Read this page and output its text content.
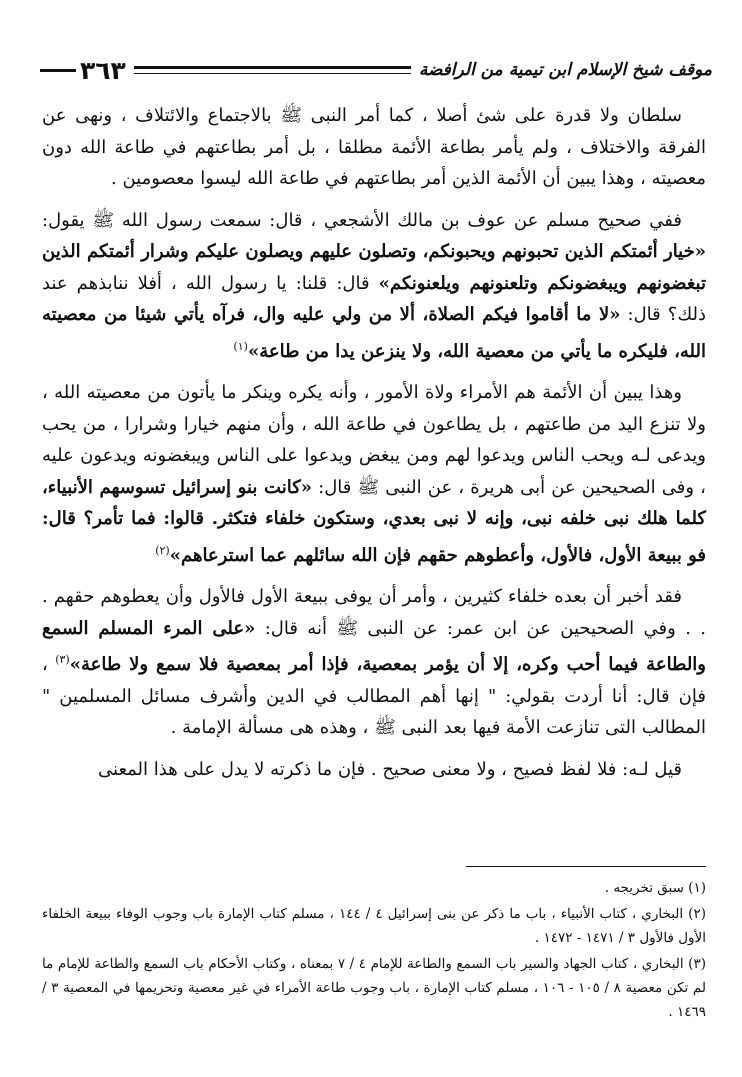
٣٦٣	موقف شيخ الإسلام ابن تيمية من الرافضة

سلطان ولا قدرة على شئ أصلا ، كما أمر النبى ﷺ بالاجتماع والائتلاف ، ونهى عن الفرقة والاختلاف ، ولم يأمر بطاعة الأئمة مطلقا ، بل أمر بطاعتهم في طاعة الله دون معصيته ، وهذا يبين أن الأئمة الذين أمر بطاعتهم في طاعة الله ليسوا معصومين .

ففي صحيح مسلم عن عوف بن مالك الأشجعي ، قال: سمعت رسول الله ﷺ يقول: «خيار أئمتكم الذين تحبونهم ويحبونكم، وتصلون عليهم ويصلون عليكم وشرار أئمتكم الذين تبغضونهم ويبغضونكم وتلعنونهم ويلعنونكم» قال: قلنا: يا رسول الله ، أفلا ننابذهم عند ذلك؟ قال: «لا ما أقاموا فيكم الصلاة، ألا من ولي عليه وال، فرآه يأتي شيئا من معصيته الله، فليكره ما يأتي من معصية الله، ولا ينزعن يدا من طاعة»$^{(١)}$

وهذا يبين أن الأئمة هم الأمراء ولاة الأمور ، وأنه يكره وينكر ما يأتون من معصيته الله ، ولا تنزع اليد من طاعتهم ، بل يطاعون في طاعة الله ، وأن منهم خيارا وشرارا ، من يحب ويدعى لـه ويحب الناس ويدعوا لهم ومن يبغض ويدعوا على الناس ويبغضونه ويدعون عليه ، وفى الصحيحين عن أبى هريرة ، عن النبى ﷺ قال: «كانت بنو إسرائيل تسوسهم الأنبياء، كلما هلك نبى خلفه نبى، وإنه لا نبى بعدي، وستكون خلفاء فتكثر. قالوا: فما تأمر؟ قال: فو ببيعة الأول، فالأول، وأعطوهم حقهم فإن الله سائلهم عما استرعاهم»$^{(٢)}$

فقد أخبر أن بعده خلفاء كثيرين ، وأمر أن يوفى ببيعة الأول فالأول وأن يعطوهم حقهم . . . وفي الصحيحين عن ابن عمر: عن النبى ﷺ أنه قال: «على المرء المسلم السمع والطاعة فيما أحب وكره، إلا أن يؤمر بمعصية، فإذا أمر بمعصية فلا سمع ولا طاعة»$^{(٣)}$ ، فإن قال: أنا أردت بقولي: " إنها أهم المطالب في الدين وأشرف مسائل المسلمين " المطالب التى تنازعت الأمة فيها بعد النبى ﷺ ، وهذه هى مسألة الإمامة .

قيل لـه: فلا لفظ فصيح ، ولا معنى صحيح . فإن ما ذكرته لا يدل على هذا المعنى

(١) سبق تخريجه .

(٢) البخاري ، كتاب الأنبياء ، باب ما ذكر عن بنى إسرائيل ٤ / ١٤٤ ، مسلم كتاب الإمارة باب وجوب الوفاء ببيعة الخلفاء الأول فالأول ٣ / ١٤٧١ - ١٤٧٢ .

(٣) البخاري ، كتاب الجهاد والسير باب السمع والطاعة للإمام ٤ / ٧ بمعناه ، وكتاب الأحكام باب السمع والطاعة للإمام ما لم تكن معصية ٨ / ١٠٥ - ١٠٦ ، مسلم كتاب الإمارة ، باب وجوب طاعة الأمراء في غير معصية وتحريمها في المعصية ٣ / ١٤٦٩ .
